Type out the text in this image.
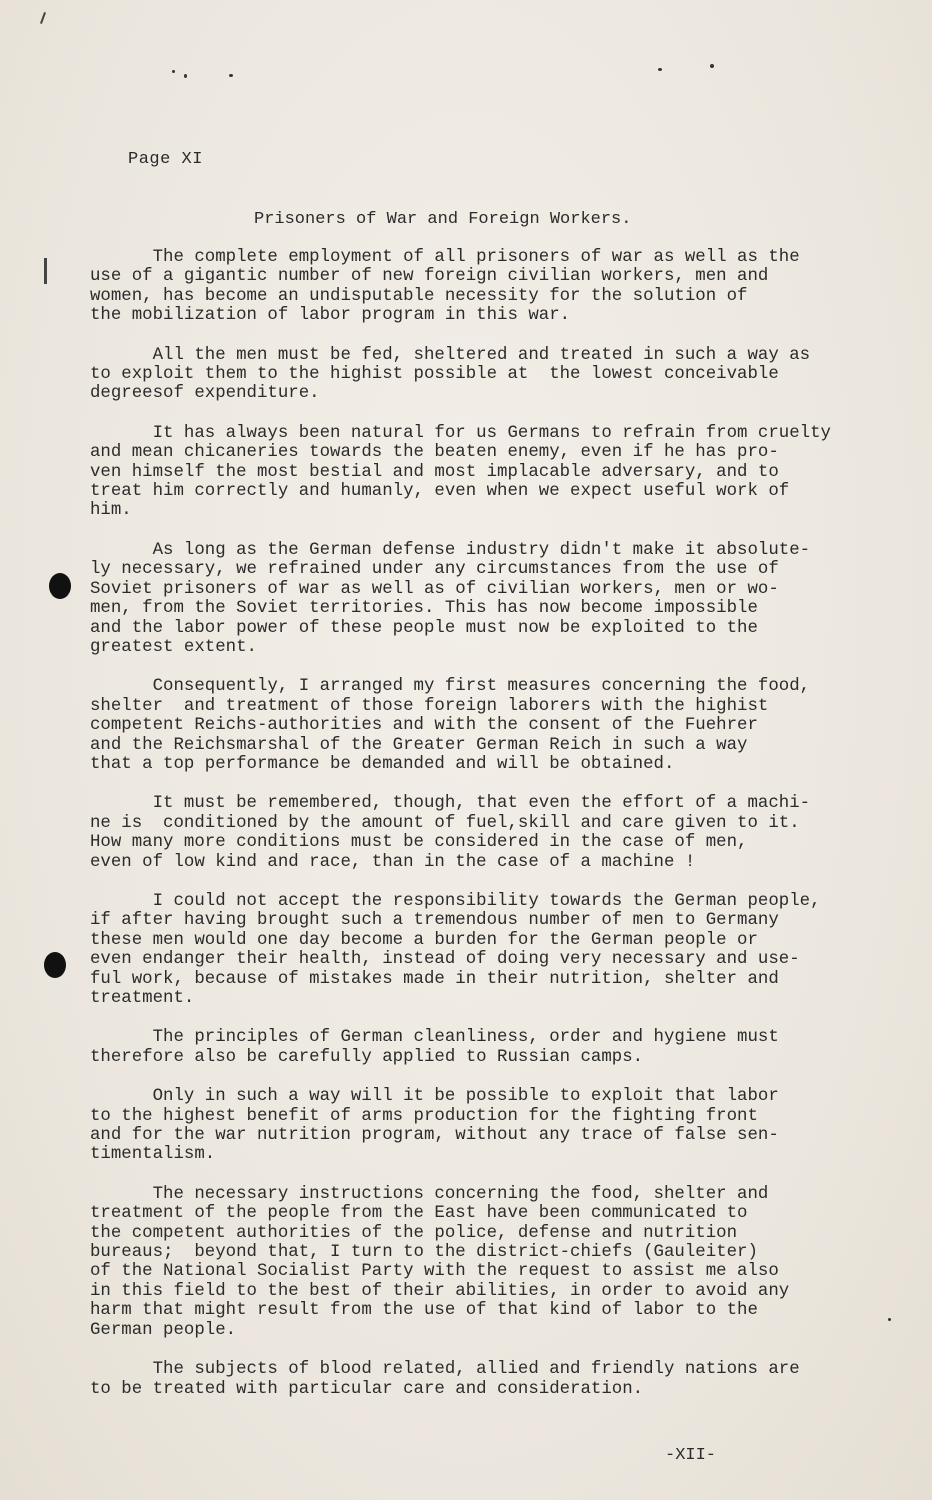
Page XI
Prisoners of War and Foreign Workers.

The complete employment of all prisoners of war as well as the
use of a gigantic number of new foreign civilian workers, men and
women, has become an undisputable necessity for the solution of
the mobilization of labor program in this war.

All the men must be fed, sheltered and treated in such a way as
to exploit them to the highist possible at  the lowest conceivable
degreesof expenditure.

It has always been natural for us Germans to refrain from cruelty
and mean chicaneries towards the beaten enemy, even if he has pro-
ven himself the most bestial and most implacable adversary, and to
treat him correctly and humanly, even when we expect useful work of
him.

As long as the German defense industry didn't make it absolute-
ly necessary, we refrained under any circumstances from the use of
Soviet prisoners of war as well as of civilian workers, men or wo-
men, from the Soviet territories. This has now become impossible
and the labor power of these people must now be exploited to the
greatest extent.

Consequently, I arranged my first measures concerning the food,
shelter  and treatment of those foreign laborers with the highist
competent Reichs-authorities and with the consent of the Fuehrer
and the Reichsmarshal of the Greater German Reich in such a way
that a top performance be demanded and will be obtained.

It must be remembered, though, that even the effort of a machi-
ne is  conditioned by the amount of fuel,skill and care given to it.
How many more conditions must be considered in the case of men,
even of low kind and race, than in the case of a machine !

I could not accept the responsibility towards the German people,
if after having brought such a tremendous number of men to Germany
these men would one day become a burden for the German people or
even endanger their health, instead of doing very necessary and use-
ful work, because of mistakes made in their nutrition, shelter and
treatment.

The principles of German cleanliness, order and hygiene must
therefore also be carefully applied to Russian camps.

Only in such a way will it be possible to exploit that labor
to the highest benefit of arms production for the fighting front
and for the war nutrition program, without any trace of false sen-
timentalism.

The necessary instructions concerning the food, shelter and
treatment of the people from the East have been communicated to
the competent authorities of the police, defense and nutrition
bureaus;  beyond that, I turn to the district-chiefs (Gauleiter)
of the National Socialist Party with the request to assist me also
in this field to the best of their abilities, in order to avoid any
harm that might result from the use of that kind of labor to the
German people.

The subjects of blood related, allied and friendly nations are
to be treated with particular care and consideration.

-XII-
